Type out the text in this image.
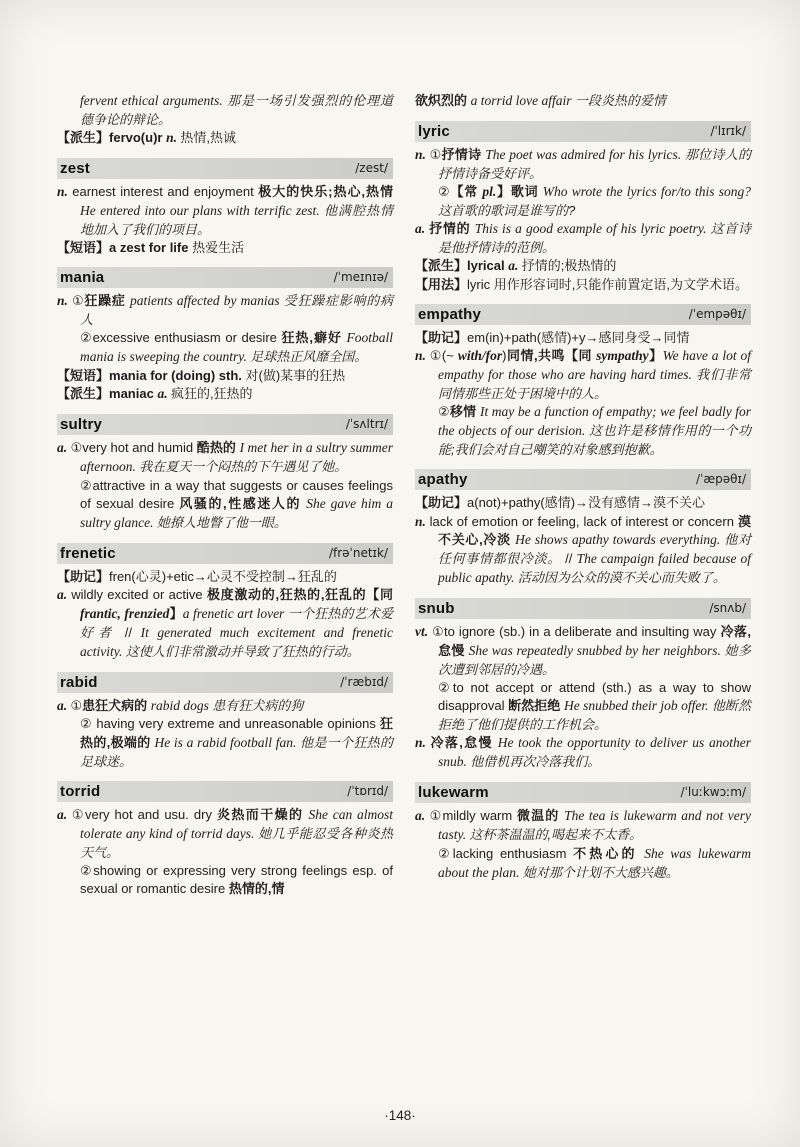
fervent ethical arguments. 那是一场引发强烈的伦理道德争论的辩论。

【派生】fervo(u)r n. 热情,热诚

zest	/zest/

n. earnest interest and enjoyment 极大的快乐;热心,热情 He entered into our plans with terrific zest. 他满腔热情地加入了我们的项目。

【短语】a zest for life 热爱生活

mania	/ˈmeɪnɪə/

n. ①狂躁症 patients affected by manias 受狂躁症影响的病人

②excessive enthusiasm or desire 狂热,癖好 Football mania is sweeping the country. 足球热正风靡全国。

【短语】mania for (doing) sth. 对(做)某事的狂热

【派生】maniac a. 疯狂的,狂热的

sultry	/ˈsʌltrɪ/

a. ①very hot and humid 酷热的 I met her in a sultry summer afternoon. 我在夏天一个闷热的下午遇见了她。

②attractive in a way that suggests or causes feelings of sexual desire 风骚的,性感迷人的 She gave him a sultry glance. 她撩人地瞥了他一眼。

frenetic	/frəˈnetɪk/

【助记】fren(心灵)+etic→心灵不受控制→狂乱的

a. wildly excited or active 极度激动的,狂热的,狂乱的【同 frantic, frenzied】a frenetic art lover 一个狂热的艺术爱好者 // It generated much excitement and frenetic activity. 这使人们非常激动并导致了狂热的行动。

rabid	/ˈræbɪd/

a. ①患狂犬病的 rabid dogs 患有狂犬病的狗

② having very extreme and unreasonable opinions 狂热的,极端的 He is a rabid football fan. 他是一个狂热的足球迷。

torrid	/ˈtɒrɪd/

a. ①very hot and usu. dry 炎热而干燥的 She can almost tolerate any kind of torrid days. 她几乎能忍受各种炎热天气。

②showing or expressing very strong feelings esp. of sexual or romantic desire 热情的,情

欲炽烈的 a torrid love affair 一段炎热的爱情

lyric	/ˈlɪrɪk/

n. ①抒情诗 The poet was admired for his lyrics. 那位诗人的抒情诗备受好评。

②【常 pl.】歌词 Who wrote the lyrics for/to this song? 这首歌的歌词是谁写的?

a. 抒情的 This is a good example of his lyric poetry. 这首诗是他抒情诗的范例。

【派生】lyrical a. 抒情的;极热情的

【用法】lyric 用作形容词时,只能作前置定语,为文学术语。

empathy	/ˈempəθɪ/

【助记】em(in)+path(感情)+y→感同身受→同情

n. ①(~ with/for)同情,共鸣【同 sympathy】We have a lot of empathy for those who are having hard times. 我们非常同情那些正处于困境中的人。

②移情 It may be a function of empathy; we feel badly for the objects of our derision. 这也许是移情作用的一个功能;我们会对自己嘲笑的对象感到抱歉。

apathy	/ˈæpəθɪ/

【助记】a(not)+pathy(感情)→没有感情→漠不关心

n. lack of emotion or feeling, lack of interest or concern 漠不关心,冷淡 He shows apathy towards everything. 他对任何事情都很冷淡。 // The campaign failed because of public apathy. 活动因为公众的漠不关心而失败了。

snub	/snʌb/

vt. ①to ignore (sb.) in a deliberate and insulting way 冷落,怠慢 She was repeatedly snubbed by her neighbors. 她多次遭到邻居的冷遇。

②to not accept or attend (sth.) as a way to show disapproval 断然拒绝 He snubbed their job offer. 他断然拒绝了他们提供的工作机会。

n. 冷落,怠慢 He took the opportunity to deliver us another snub. 他借机再次冷落我们。

lukewarm	/ˈluːkwɔːm/

a. ①mildly warm 微温的 The tea is lukewarm and not very tasty. 这杯茶温温的,喝起来不太香。

②lacking enthusiasm 不热心的 She was lukewarm about the plan. 她对那个计划不大感兴趣。

·148·
